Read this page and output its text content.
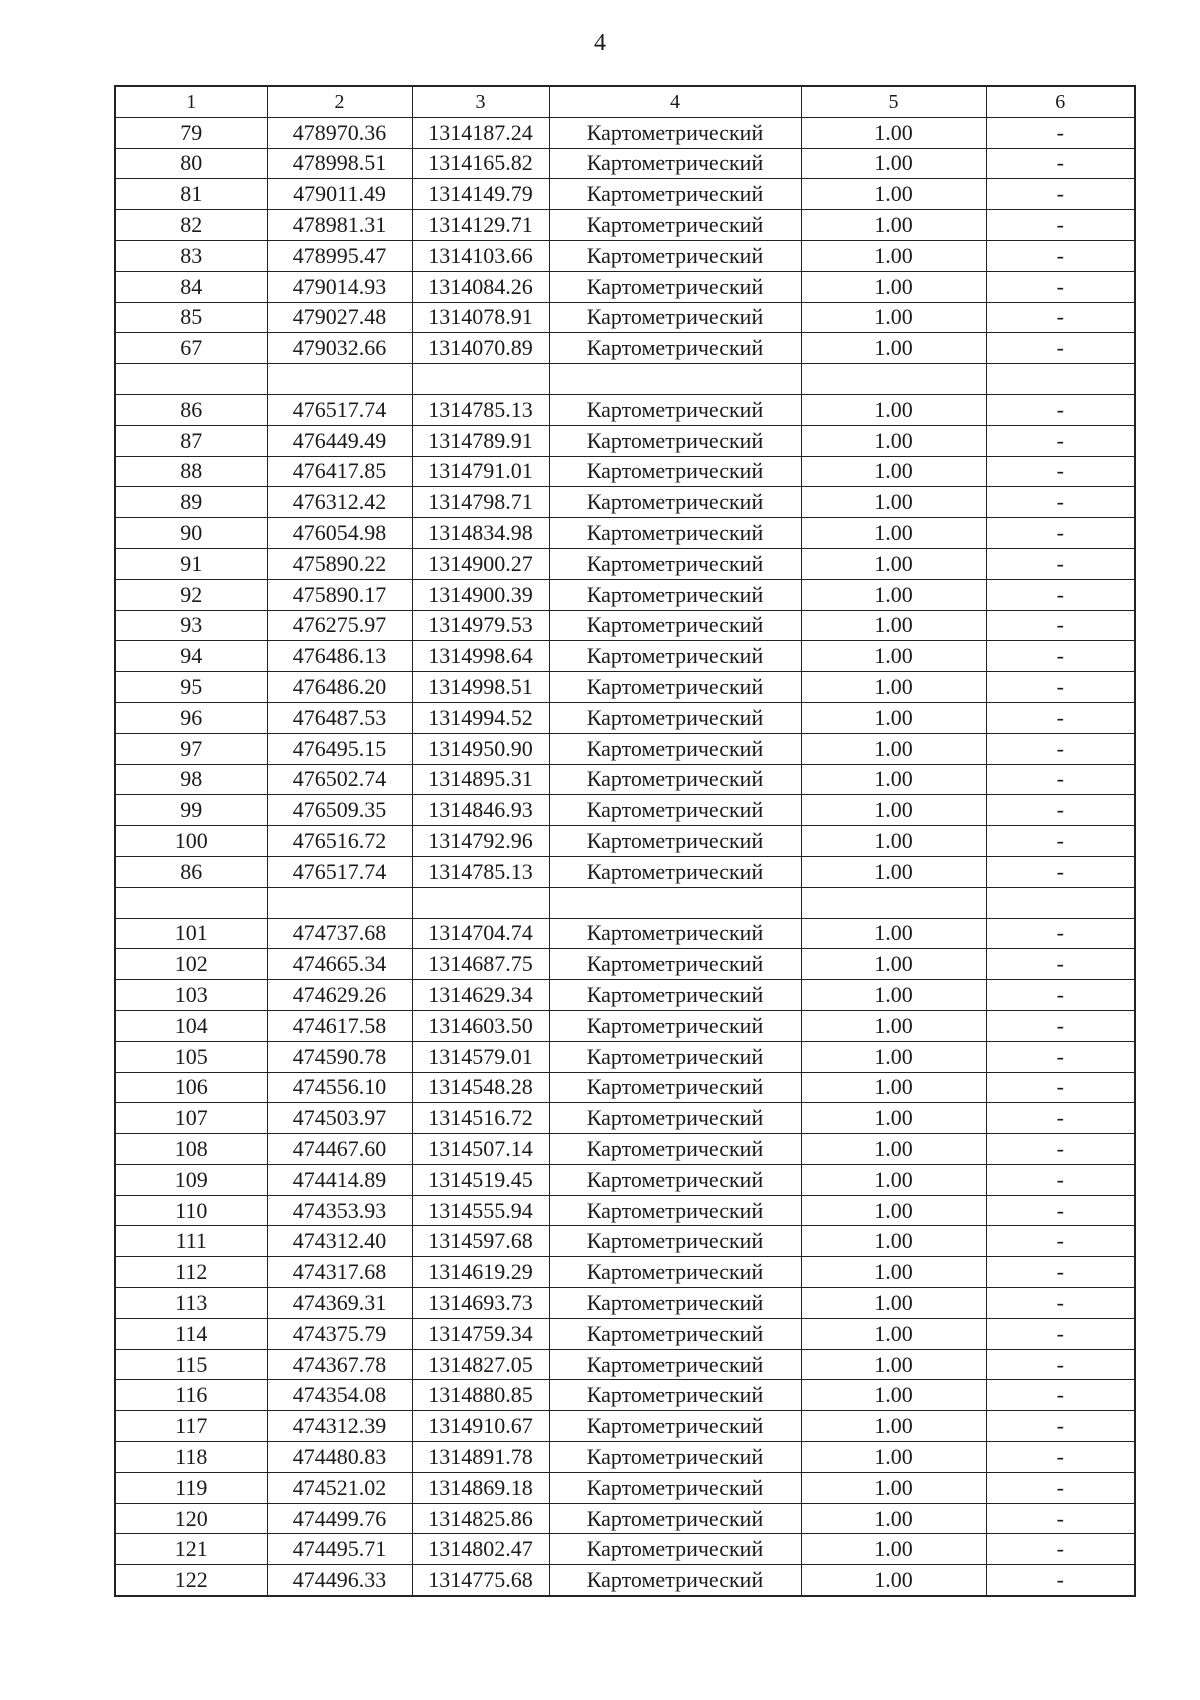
4
1	2	3	4	5	6
79	478970.36	1314187.24	Картометрический	1.00	-
80	478998.51	1314165.82	Картометрический	1.00	-
81	479011.49	1314149.79	Картометрический	1.00	-
82	478981.31	1314129.71	Картометрический	1.00	-
83	478995.47	1314103.66	Картометрический	1.00	-
84	479014.93	1314084.26	Картометрический	1.00	-
85	479027.48	1314078.91	Картометрический	1.00	-
67	479032.66	1314070.89	Картометрический	1.00	-

86	476517.74	1314785.13	Картометрический	1.00	-
87	476449.49	1314789.91	Картометрический	1.00	-
88	476417.85	1314791.01	Картометрический	1.00	-
89	476312.42	1314798.71	Картометрический	1.00	-
90	476054.98	1314834.98	Картометрический	1.00	-
91	475890.22	1314900.27	Картометрический	1.00	-
92	475890.17	1314900.39	Картометрический	1.00	-
93	476275.97	1314979.53	Картометрический	1.00	-
94	476486.13	1314998.64	Картометрический	1.00	-
95	476486.20	1314998.51	Картометрический	1.00	-
96	476487.53	1314994.52	Картометрический	1.00	-
97	476495.15	1314950.90	Картометрический	1.00	-
98	476502.74	1314895.31	Картометрический	1.00	-
99	476509.35	1314846.93	Картометрический	1.00	-
100	476516.72	1314792.96	Картометрический	1.00	-
86	476517.74	1314785.13	Картометрический	1.00	-

101	474737.68	1314704.74	Картометрический	1.00	-
102	474665.34	1314687.75	Картометрический	1.00	-
103	474629.26	1314629.34	Картометрический	1.00	-
104	474617.58	1314603.50	Картометрический	1.00	-
105	474590.78	1314579.01	Картометрический	1.00	-
106	474556.10	1314548.28	Картометрический	1.00	-
107	474503.97	1314516.72	Картометрический	1.00	-
108	474467.60	1314507.14	Картометрический	1.00	-
109	474414.89	1314519.45	Картометрический	1.00	-
110	474353.93	1314555.94	Картометрический	1.00	-
111	474312.40	1314597.68	Картометрический	1.00	-
112	474317.68	1314619.29	Картометрический	1.00	-
113	474369.31	1314693.73	Картометрический	1.00	-
114	474375.79	1314759.34	Картометрический	1.00	-
115	474367.78	1314827.05	Картометрический	1.00	-
116	474354.08	1314880.85	Картометрический	1.00	-
117	474312.39	1314910.67	Картометрический	1.00	-
118	474480.83	1314891.78	Картометрический	1.00	-
119	474521.02	1314869.18	Картометрический	1.00	-
120	474499.76	1314825.86	Картометрический	1.00	-
121	474495.71	1314802.47	Картометрический	1.00	-
122	474496.33	1314775.68	Картометрический	1.00	-
